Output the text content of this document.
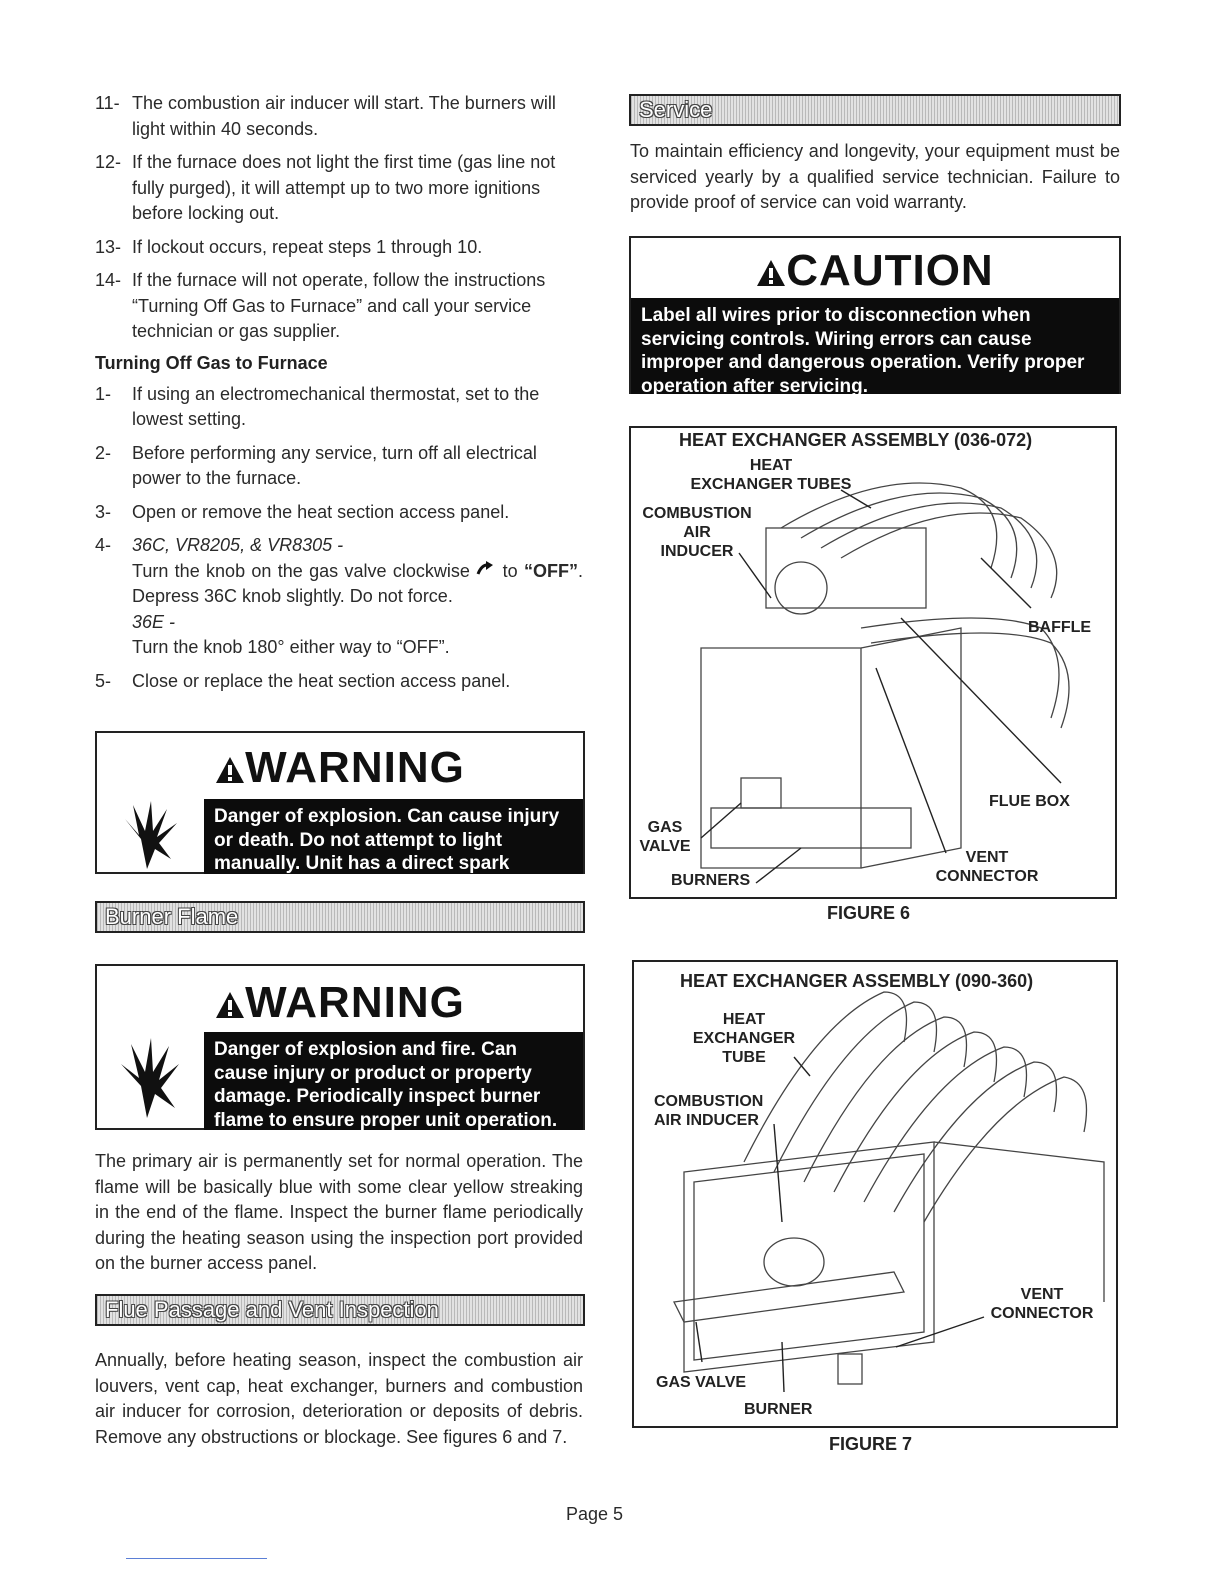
11- The combustion air inducer will start. The burners will light within 40 seconds.
12- If the furnace does not light the first time (gas line not fully purged), it will attempt up to two more ignitions before locking out.
13- If lockout occurs, repeat steps 1 through 10.
14- If the furnace will not operate, follow the instructions “Turning Off Gas to Furnace” and call your service technician or gas supplier.
Turning Off Gas to Furnace
1- If using an electromechanical thermostat, set to the lowest setting.
2- Before performing any service, turn off all electrical power to the furnace.
3- Open or remove the heat section access panel.
4- 36C, VR8205, & VR8305 -
Turn the knob on the gas valve clockwise to “OFF”. Depress 36C knob slightly. Do not force.
36E -
Turn the knob 180° either way to “OFF”.
5- Close or replace the heat section access panel.
WARNING
Danger of explosion. Can cause injury or death. Do not attempt to light manually. Unit has a direct spark ignition system.
Burner Flame
WARNING
Danger of explosion and fire. Can cause injury or product or property damage. Periodically inspect burner flame to ensure proper unit operation.
The primary air is permanently set for normal operation. The flame will be basically blue with some clear yellow streaking in the end of the flame. Inspect the burner flame periodically during the heating season using the inspection port provided on the burner access panel.
Flue Passage and Vent Inspection
Annually, before heating season, inspect the combustion air louvers, vent cap, heat exchanger, burners and combustion air inducer for corrosion, deterioration or deposits of debris. Remove any obstructions or blockage. See figures 6 and 7.
Service
To maintain efficiency and longevity, your equipment must be serviced yearly by a qualified service technician. Failure to provide proof of service can void warranty.
CAUTION
Label all wires prior to disconnection when servicing controls. Wiring errors can cause improper and dangerous operation. Verify proper operation after servicing.
HEAT EXCHANGER ASSEMBLY (036-072)
HEAT
EXCHANGER TUBES
COMBUSTION
AIR
INDUCER
BAFFLE
FLUE BOX
GAS
VALVE
VENT
CONNECTOR
BURNERS
FIGURE 6
HEAT EXCHANGER ASSEMBLY (090-360)
HEAT
EXCHANGER
TUBE
COMBUSTION
AIR INDUCER
VENT
CONNECTOR
GAS VALVE
BURNER
FIGURE 7
Page 5
